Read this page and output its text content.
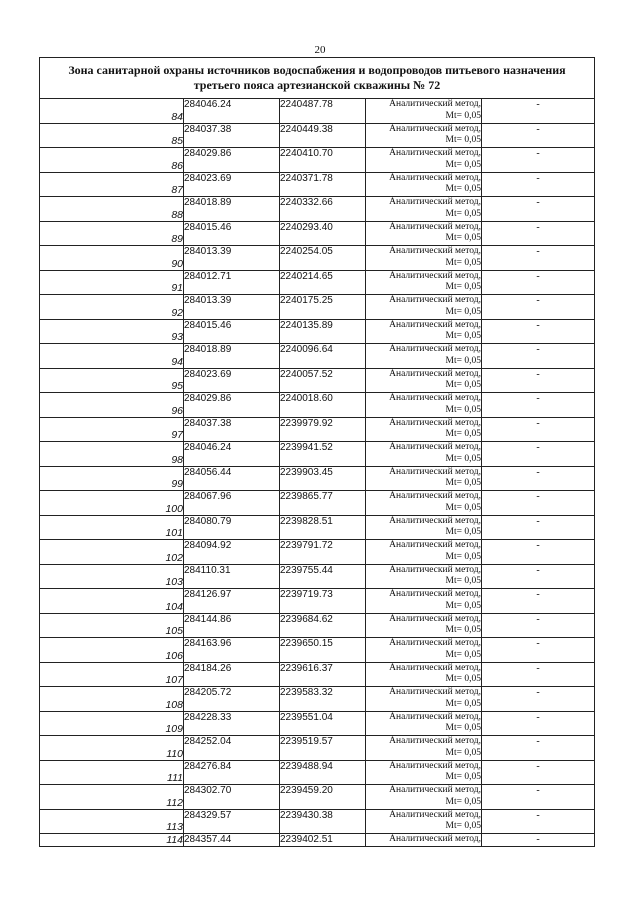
20
Зона санитарной охраны источников водоспабжения и водопроводов питьевого назначения
третьего пояса артезианской скважины № 72				

84	284046.24	2240487.78	Аналитический метод,
Mt= 0,05	-
85	284037.38	2240449.38	Аналитический метод,
Mt= 0,05	-
86	284029.86	2240410.70	Аналитический метод,
Mt= 0,05	-
87	284023.69	2240371.78	Аналитический метод,
Mt= 0,05	-
88	284018.89	2240332.66	Аналитический метод,
Mt= 0,05	-
89	284015.46	2240293.40	Аналитический метод,
Mt= 0,05	-
90	284013.39	2240254.05	Аналитический метод,
Mt= 0,05	-
91	284012.71	2240214.65	Аналитический метод,
Mt= 0,05	-
92	284013.39	2240175.25	Аналитический метод,
Mt= 0,05	-
93	284015.46	2240135.89	Аналитический метод,
Mt= 0,05	-
94	284018.89	2240096.64	Аналитический метод,
Mt= 0,05	-
95	284023.69	2240057.52	Аналитический метод,
Mt= 0,05	-
96	284029.86	2240018.60	Аналитический метод,
Mt= 0,05	-
97	284037.38	2239979.92	Аналитический метод,
Mt= 0,05	-
98	284046.24	2239941.52	Аналитический метод,
Mt= 0,05	-
99	284056.44	2239903.45	Аналитический метод,
Mt= 0,05	-
100	284067.96	2239865.77	Аналитический метод,
Mt= 0,05	-
101	284080.79	2239828.51	Аналитический метод,
Mt= 0,05	-
102	284094.92	2239791.72	Аналитический метод,
Mt= 0,05	-
103	284110.31	2239755.44	Аналитический метод,
Mt= 0,05	-
104	284126.97	2239719.73	Аналитический метод,
Mt= 0,05	-
105	284144.86	2239684.62	Аналитический метод,
Mt= 0,05	-
106	284163.96	2239650.15	Аналитический метод,
Mt= 0,05	-
107	284184.26	2239616.37	Аналитический метод,
Mt= 0,05	-
108	284205.72	2239583.32	Аналитический метод,
Mt= 0,05	-
109	284228.33	2239551.04	Аналитический метод,
Mt= 0,05	-
110	284252.04	2239519.57	Аналитический метод,
Mt= 0,05	-
111	284276.84	2239488.94	Аналитический метод,
Mt= 0,05	-
112	284302.70	2239459.20	Аналитический метод,
Mt= 0,05	-
113	284329.57	2239430.38	Аналитический метод,
Mt= 0,05	-
114	284357.44	2239402.51	Аналитический метод,	-
